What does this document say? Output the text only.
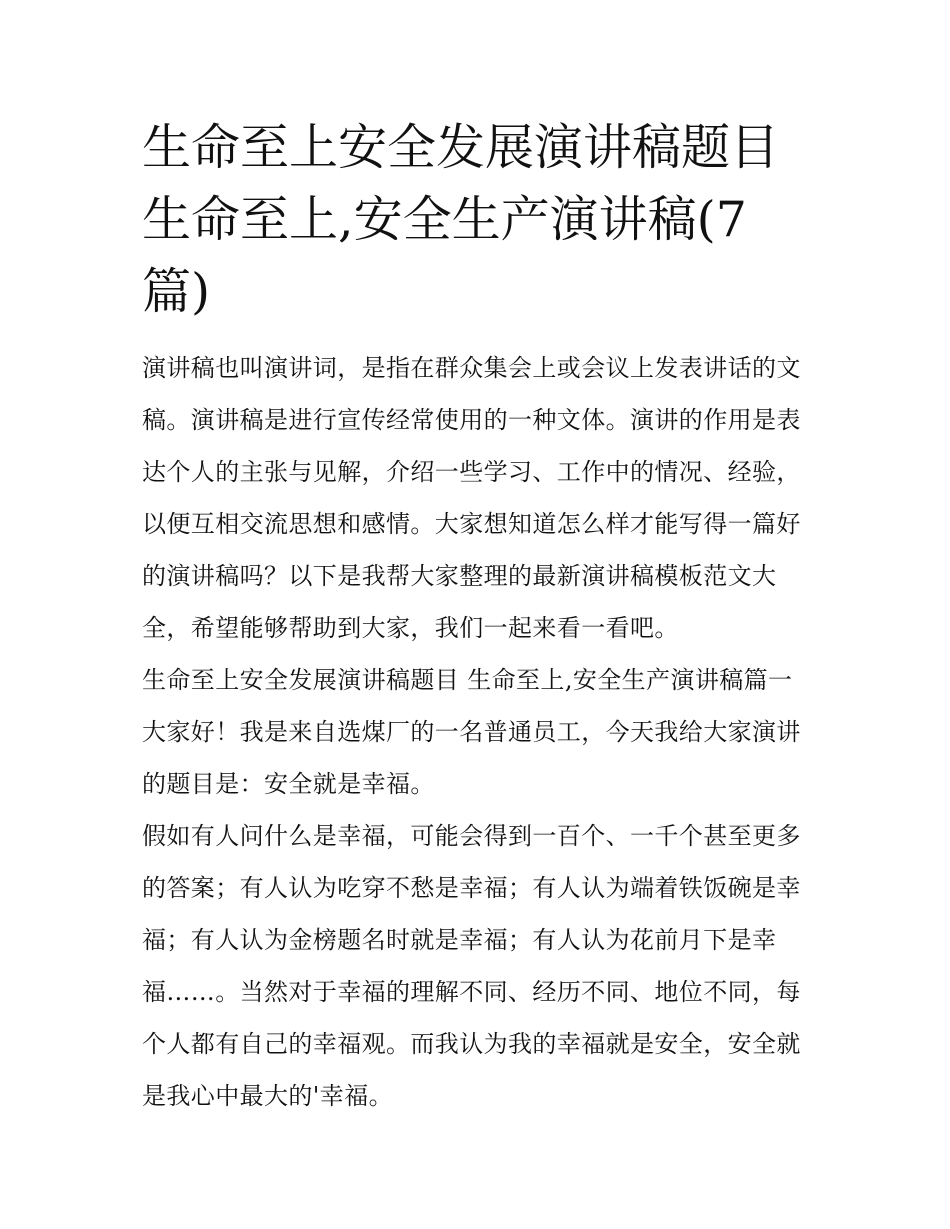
生命至上安全发展演讲稿题目
生命至上,安全生产演讲稿(7
篇)
演讲稿也叫演讲词，是指在群众集会上或会议上发表讲话的文
稿。演讲稿是进行宣传经常使用的一种文体。演讲的作用是表
达个人的主张与见解，介绍一些学习、工作中的情况、经验，
以便互相交流思想和感情。大家想知道怎么样才能写得一篇好
的演讲稿吗？以下是我帮大家整理的最新演讲稿模板范文大
全，希望能够帮助到大家，我们一起来看一看吧。
生命至上安全发展演讲稿题目 生命至上,安全生产演讲稿篇一
大家好！我是来自选煤厂的一名普通员工，今天我给大家演讲
的题目是：安全就是幸福。
假如有人问什么是幸福，可能会得到一百个、一千个甚至更多
的答案；有人认为吃穿不愁是幸福；有人认为端着铁饭碗是幸
福；有人认为金榜题名时就是幸福；有人认为花前月下是幸
福……。当然对于幸福的理解不同、经历不同、地位不同，每
个人都有自己的幸福观。而我认为我的幸福就是安全，安全就
是我心中最大的'幸福。
